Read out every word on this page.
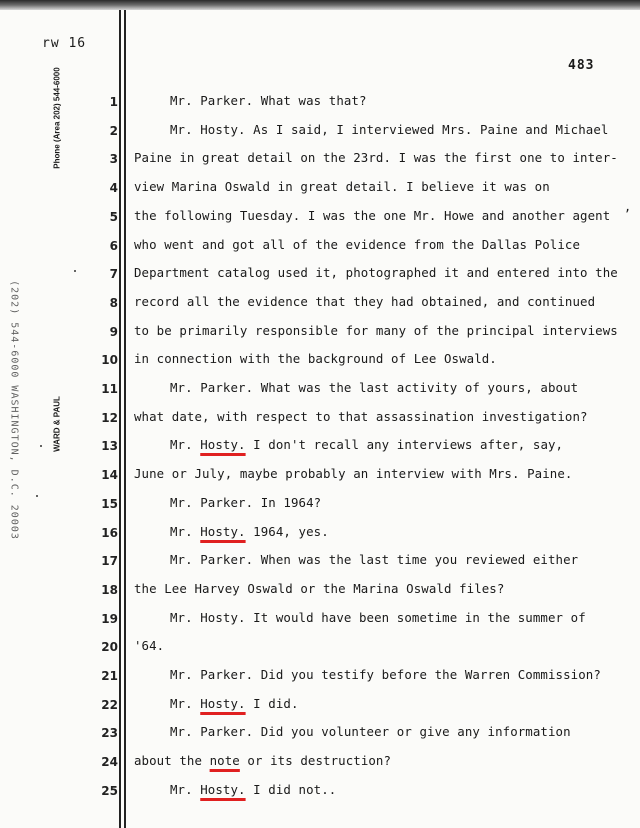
rw 16
483
Phone (Area 202) 544-6000
WARD & PAUL
(202) 544-6000 WASHINGTON, D.C. 20003
,
1	Mr. Parker. What was that?
2	Mr. Hosty. As I said, I interviewed Mrs. Paine and Michael
3 Paine in great detail on the 23rd. I was the first one to inter-
4 view Marina Oswald in great detail. I believe it was on
5 the following Tuesday. I was the one Mr. Howe and another agent
6 who went and got all of the evidence from the Dallas Police
7 Department catalog used it, photographed it and entered into the
8 record all the evidence that they had obtained, and continued
9 to be primarily responsible for many of the principal interviews
10 in connection with the background of Lee Oswald.
11	Mr. Parker. What was the last activity of yours, about
12 what date, with respect to that assassination investigation?
13	Mr. Hosty. I don't recall any interviews after, say,
14 June or July, maybe probably an interview with Mrs. Paine.
15	Mr. Parker. In 1964?
16	Mr. Hosty. 1964, yes.
17	Mr. Parker. When was the last time you reviewed either
18 the Lee Harvey Oswald or the Marina Oswald files?
19	Mr. Hosty. It would have been sometime in the summer of
20 '64.
21	Mr. Parker. Did you testify before the Warren Commission?
22	Mr. Hosty. I did.
23	Mr. Parker. Did you volunteer or give any information
24 about the note or its destruction?
25	Mr. Hosty. I did not..
